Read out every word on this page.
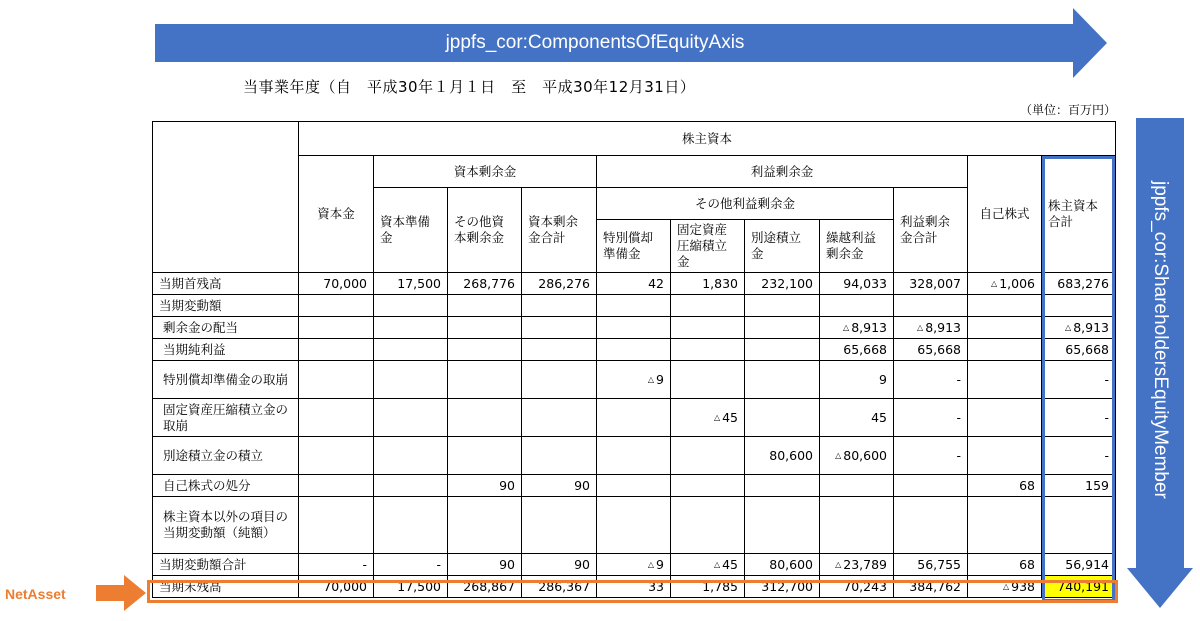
jppfs_cor:ComponentsOfEquityAxis
jppfs_cor:ShareholdersEquityMember
当事業年度（自　平成30年１月１日　至　平成30年12月31日）
（単位：百万円）
	株主資本										
	資本金	資本剰余金			利益剰余金					自己株式	株主資本合計
		資本準備金	その他資本剰余金	資本剰余金合計	その他利益剰余金				利益剰余金合計		
					特別償却準備金	固定資産圧縮積立金	別途積立金	繰越利益剰余金			
当期首残高	70,000	17,500	268,776	286,276	42	1,830	232,100	94,033	328,007	△ 1,006	683,276
当期変動額											
剰余金の配当								△ 8,913	△ 8,913		△ 8,913
当期純利益								65,668	65,668		65,668
特別償却準備金の取崩					△ 9			9	-		-
固定資産圧縮積立金の取崩						△ 45		45	-		-
別途積立金の積立							80,600	△ 80,600	-		-
自己株式の処分			90	90						68	159
株主資本以外の項目の当期変動額（純額）											
当期変動額合計	-	-	90	90	△ 9	△ 45	80,600	△ 23,789	56,755	68	56,914
当期末残高	70,000	17,500	268,867	286,367	33	1,785	312,700	70,243	384,762	△ 938	740,191
NetAsset
